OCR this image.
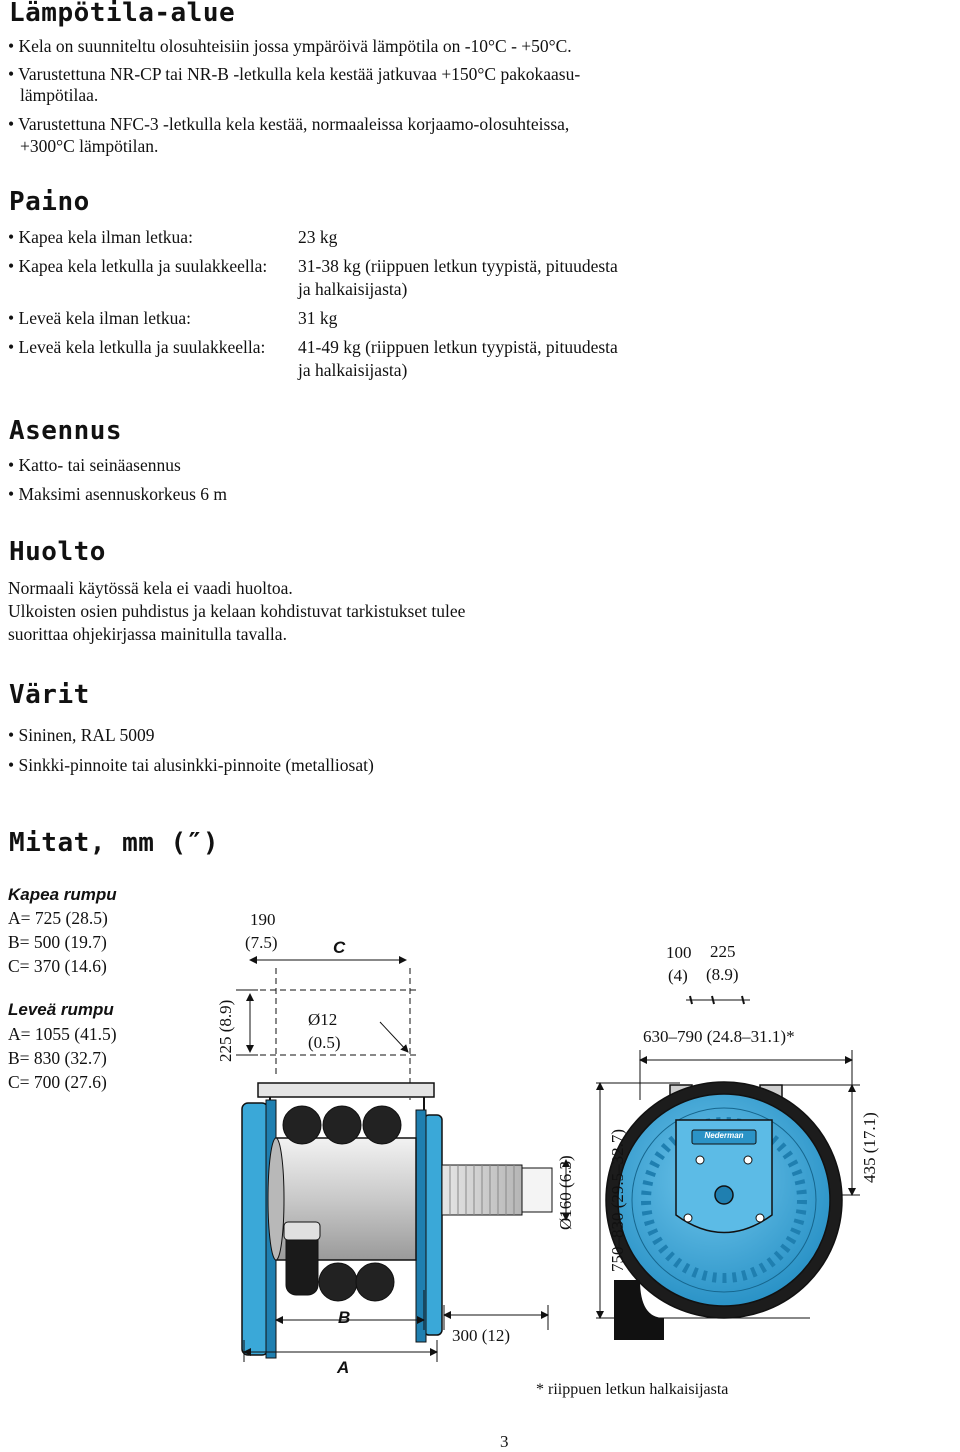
Lämpötila-alue
• Kela on suunniteltu olosuhteisiin jossa ympäröivä lämpötila on -10°C - +50°C.
• Varustettuna NR-CP tai NR-B -letkulla kela kestää jatkuvaa +150°C pakokaasu-
lämpötilaa.
• Varustettuna NFC-3 -letkulla kela kestää, normaaleissa korjaamo-olosuhteissa,
+300°C lämpötilan.
Paino
• Kapea kela ilman letkua:	23 kg
• Kapea kela letkulla ja suulakkeella: 31-38 kg (riippuen letkun tyypistä, pituudesta
ja halkaisijasta)
• Leveä kela ilman letkua:	31 kg
• Leveä kela letkulla ja suulakkeella: 41-49 kg (riippuen letkun tyypistä, pituudesta
ja halkaisijasta)
Asennus
• Katto- tai seinäasennus
• Maksimi asennuskorkeus 6 m
Huolto
Normaali käytössä kela ei vaadi huoltoa.
Ulkoisten osien puhdistus ja kelaan kohdistuvat tarkistukset tulee
suorittaa ohjekirjassa mainitulla tavalla.
Värit
• Sininen, RAL 5009
• Sinkki-pinnoite tai alusinkki-pinnoite (metalliosat)
Mitat, mm (″)
Kapea rumpu
A= 725 (28.5)
B= 500 (19.7)
C= 370 (14.6)
Leveä rumpu
A= 1055 (41.5)
B= 830 (32.7)
C= 700 (27.6)
190
(7.5)	C
225 (8.9)	Ø12
(0.5)
100
(4)
225
(8.9)
630–790 (24.8–31.1)*
Ø160 (6.3) 750–830 (29.5–32.7)	435 (17.1)
B
A
300 (12)
Nederman
* riippuen letkun halkaisijasta
3
